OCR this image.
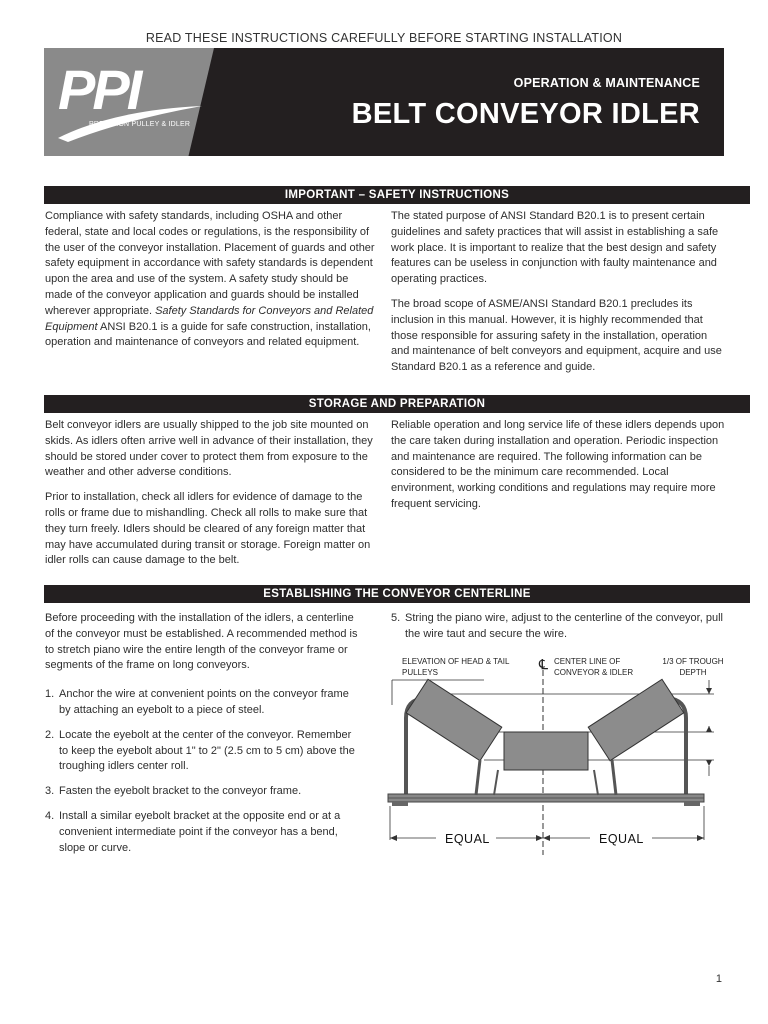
READ THESE INSTRUCTIONS CAREFULLY BEFORE STARTING INSTALLATION
PPI
PRECISION PULLEY & IDLER
OPERATION & MAINTENANCE
BELT CONVEYOR IDLER
IMPORTANT – SAFETY INSTRUCTIONS

Compliance with safety standards, including OSHA and other federal, state and local codes or regulations, is the responsibility of the user of the conveyor installation. Placement of guards and other safety equipment in accordance with safety standards is dependent upon the area and use of the system. A safety study should be made of the conveyor application and guards should be installed wherever appropriate. Safety Standards for Conveyors and Related Equipment ANSI B20.1 is a guide for safe construction, installation, operation and maintenance of conveyors and related equipment.

The stated purpose of ANSI Standard B20.1 is to present certain guidelines and safety practices that will assist in establishing a safe work place. It is important to realize that the best design and safety features can be useless in conjunction with faulty maintenance and operating practices.

The broad scope of ASME/ANSI Standard B20.1 precludes its inclusion in this manual. However, it is highly recommended that those responsible for assuring safety in the installation, operation and maintenance of belt conveyors and equipment, acquire and use Standard B20.1 as a reference and guide.

STORAGE AND PREPARATION

Belt conveyor idlers are usually shipped to the job site mounted on skids. As idlers often arrive well in advance of their installation, they should be stored under cover to protect them from exposure to the weather and other adverse conditions.

Prior to installation, check all idlers for evidence of damage to the rolls or frame due to mishandling. Check all rolls to make sure that they turn freely. Idlers should be cleared of any foreign matter that may have accumulated during transit or storage. Foreign matter on idler rolls can cause damage to the belt.

Reliable operation and long service life of these idlers depends upon the care taken during installation and operation. Periodic inspection and maintenance are required. The following information can be considered to be the minimum care recommended. Local environment, working conditions and regulations may require more frequent servicing.

ESTABLISHING THE CONVEYOR CENTERLINE

Before proceeding with the installation of the idlers, a centerline of the conveyor must be established. A recommended method is to stretch piano wire the entire length of the conveyor frame or segments of the frame on long conveyors.

1. Anchor the wire at convenient points on the conveyor frame by attaching an eyebolt to a piece of steel.
2. Locate the eyebolt at the center of the conveyor. Remember to keep the eyebolt about 1" to 2" (2.5 cm to 5 cm) above the troughing idlers center roll.
3. Fasten the eyebolt bracket to the conveyor frame.
4. Install a similar eyebolt bracket at the opposite end or at a convenient intermediate point if the conveyor has a bend, slope or curve.
5. String the piano wire, adjust to the centerline of the conveyor, pull the wire taut and secure the wire.
ELEVATION OF HEAD & TAIL PULLEYS
℄ CENTER LINE OF CONVEYOR & IDLER
1/3 OF TROUGH DEPTH
EQUAL	EQUAL
1
